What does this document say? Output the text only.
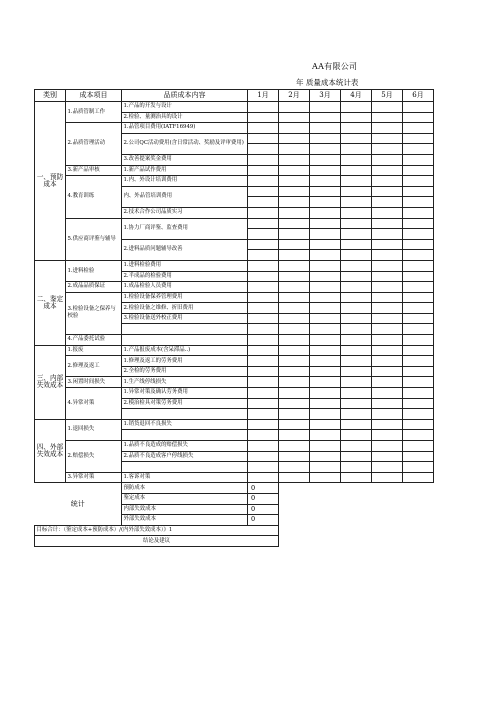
AA有限公司
年 质量成本统计表
类别	成本项目	品质成本内容	1月	2月	3月	4月	5月	6月

一、预防成本	1.品质管制工作	1.产品的开发与设计						
		2.检验、量测治具的设计						
	2.品质管理活动	1.品管项目费用(IATF16949)						
		2.公司QC活动费用(含日常活动、奖励及评审费用)						

		3.改善提案奖金费用						
	3.新产品审核	1.新产品试作费用						
	4.教育训练	1.内、外设计培训费用						
		内、外品管培训费用						

		2.技术合作公司品质实习						
	5.供应商评鉴与辅导	1.协力厂商评鉴、监查费用						

		2.进料品质问题辅导改善						

二、鉴定成本	1.进料检验	1.进料检验费用						
		2.半成品的检验费用						
	2.成品品质保证	1.成品检验人员费用						
	3.检验设备之保养与校验	1.检验设备保养管理费用						
		2.检验设备之维修、折旧费用						
		3.检验设备送外校正费用						

	4.产品委托试验							

三、内部失效成本	1.报废	1.产品报废成本(含呆滞品..)						
	2.修理及返工	1.修理及返工的劳务费用						
		2.全检的劳务费用						
	3.闲置时间损失	1.生产线停线损失						
	4.异常对策	1.异常对策及确认劳务费用						
		2.模治检具对策劳务费用						

四、外部失效成本	1.退回损失	1.销货退回不良损失						

	2.赔偿损失	1.品质不良造成的赔偿损失						
		2.品质不良造成客户停线损失						

	3.异常对策	1.客诉对策						
统计		预防成本	0					
		鉴定成本	0					
		内部失效成本	0					
		外部失效成本	0					
目标合计：（鉴定成本+预防成本）/(内外部失效成本）》1								
结论及建议								
